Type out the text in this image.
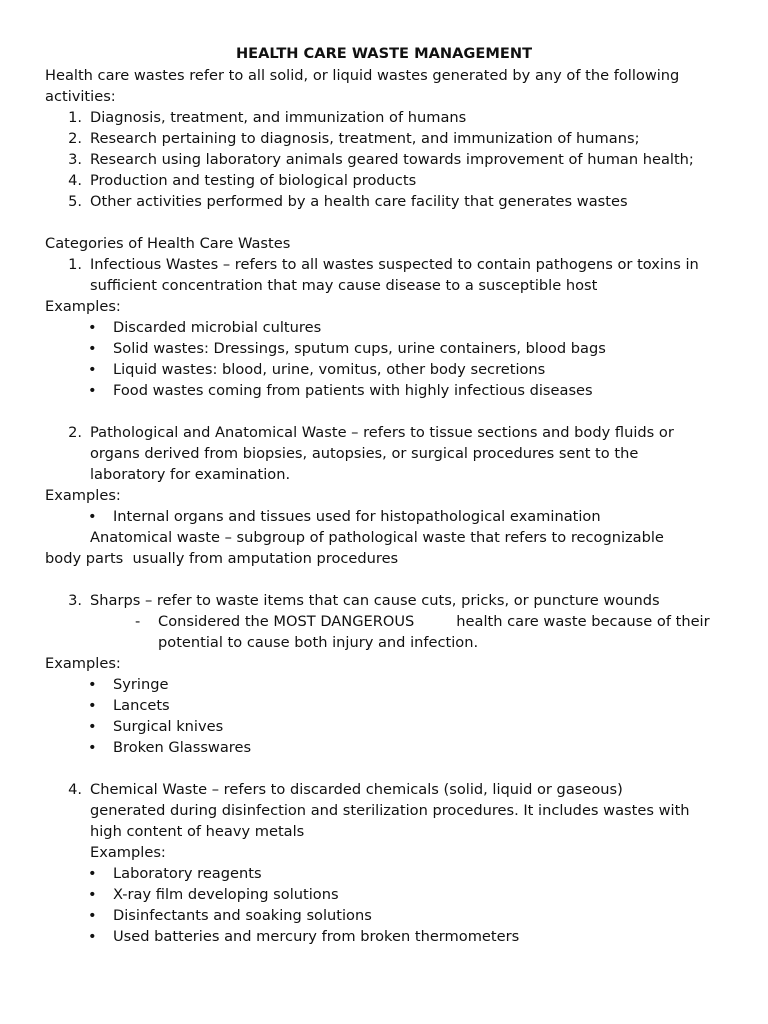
HEALTH CARE WASTE MANAGEMENT
Health care wastes refer to all solid, or liquid wastes generated by any of the following
activities:
1. Diagnosis, treatment, and immunization of humans
2. Research pertaining to diagnosis, treatment, and immunization of humans;
3. Research using laboratory animals geared towards improvement of human health;
4. Production and testing of biological products
5. Other activities performed by a health care facility that generates wastes
Categories of Health Care Wastes
1. Infectious Wastes – refers to all wastes suspected to contain pathogens or toxins in
sufficient concentration that may cause disease to a susceptible host
Examples:
• Discarded microbial cultures
• Solid wastes: Dressings, sputum cups, urine containers, blood bags
• Liquid wastes: blood, urine, vomitus, other body secretions
• Food wastes coming from patients with highly infectious diseases
2. Pathological and Anatomical Waste – refers to tissue sections and body fluids or
organs derived from biopsies, autopsies, or surgical procedures sent to the
laboratory for examination.
Examples:
• Internal organs and tissues used for histopathological examination
Anatomical waste – subgroup of pathological waste that refers to recognizable
body parts  usually from amputation procedures
3. Sharps – refer to waste items that can cause cuts, pricks, or puncture wounds
- Considered the MOST DANGEROUS	health care waste because of their
potential to cause both injury and infection.
Examples:
• Syringe
• Lancets
• Surgical knives
• Broken Glasswares
4. Chemical Waste – refers to discarded chemicals (solid, liquid or gaseous)
generated during disinfection and sterilization procedures. It includes wastes with
high content of heavy metals
Examples:
• Laboratory reagents
• X-ray film developing solutions
• Disinfectants and soaking solutions
• Used batteries and mercury from broken thermometers
